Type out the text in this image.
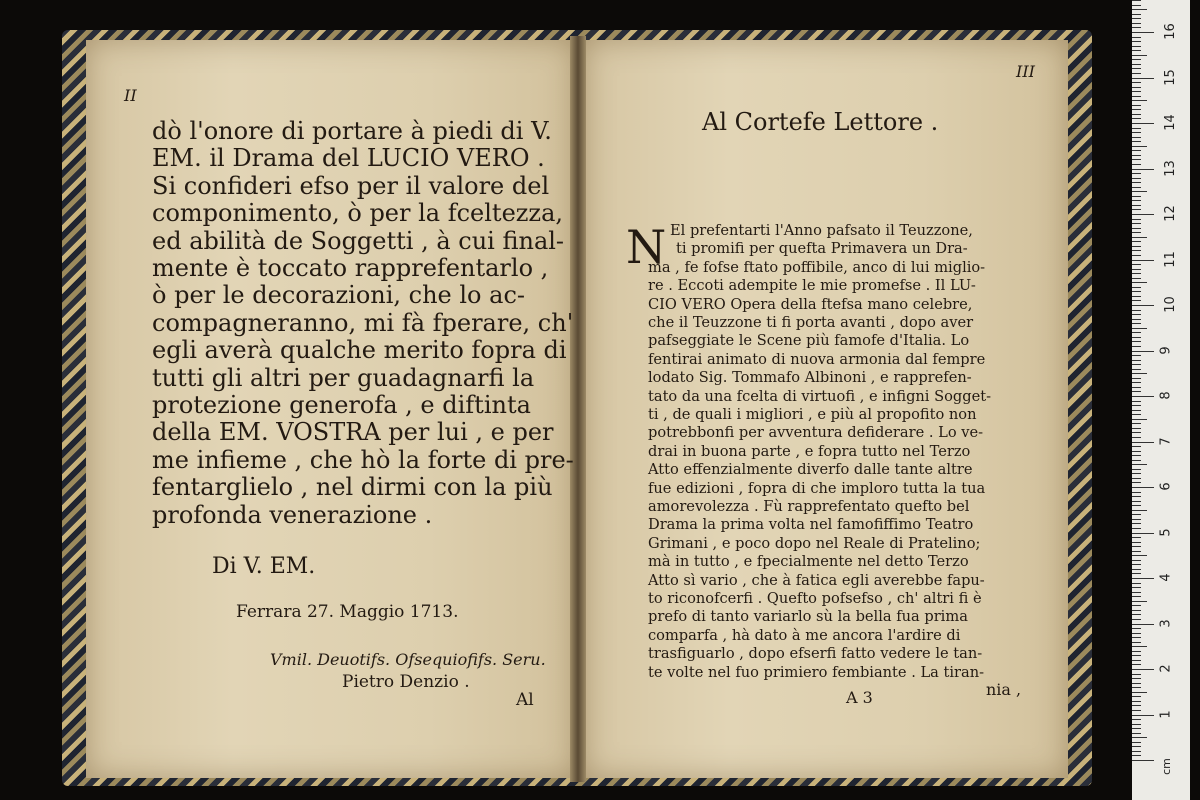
II
dò l'onore di portare à piedi di V.
EM. il Drama del LUCIO VERO .
Si confideri efso per il valore del
componimento, ò per la fceltezza,
ed abilità de Soggetti , à cui final-
mente è toccato rapprefentarlo ,
ò per le decorazioni, che lo ac-
compagneranno, mi fà fperare, ch'
egli averà qualche merito fopra di
tutti gli altri per guadagnarfi la
protezione generofa , e diftinta
della EM. VOSTRA per lui , e per
me infieme , che hò la forte di pre-
fentarglielo , nel dirmi con la più
profonda venerazione .
Di V. EM.
Ferrara 27. Maggio 1713.
Vmil. Deuotifs. Ofsequiofifs. Seru.
Pietro Denzio .
Al
III
Al Cortefe Lettore .
N El prefentarti l'Anno pafsato il Teuzzone,
ti promifi per quefta Primavera un Dra-
ma , fe fofse ftato poffibile, anco di lui miglio-
re . Eccoti adempite le mie promefse . Il LU-
CIO VERO Opera della ftefsa mano celebre,
che il Teuzzone ti fi porta avanti , dopo aver
pafseggiate le Scene più famofe d'Italia. Lo
fentirai animato di nuova armonia dal fempre
lodato Sig. Tommafo Albinoni , e rapprefen-
tato da una fcelta di virtuofi , e infigni Sogget-
ti , de quali i migliori , e più al propofito non
potrebbonfi per avventura defiderare . Lo ve-
drai in buona parte , e fopra tutto nel Terzo
Atto effenzialmente diverfo dalle tante altre
fue edizioni , fopra di che imploro tutta la tua
amorevolezza . Fù rapprefentato quefto bel
Drama la prima volta nel famofiffimo Teatro
Grimani , e poco dopo nel Reale di Pratelino;
mà in tutto , e fpecialmente nel detto Terzo
Atto sì vario , che à fatica egli averebbe fapu-
to riconofcerfi . Quefto pofsefso , ch' altri fi è
prefo di tanto variarlo sù la bella fua prima
comparfa , hà dato à me ancora l'ardire di
trasfiguarlo , dopo efserfi fatto vedere le tan-
te volte nel fuo primiero fembiante . La tiran-
A 3	nia ,
1
2
3
4
5
6
7
8
9
10
11
12
13
14
15
16
cm
